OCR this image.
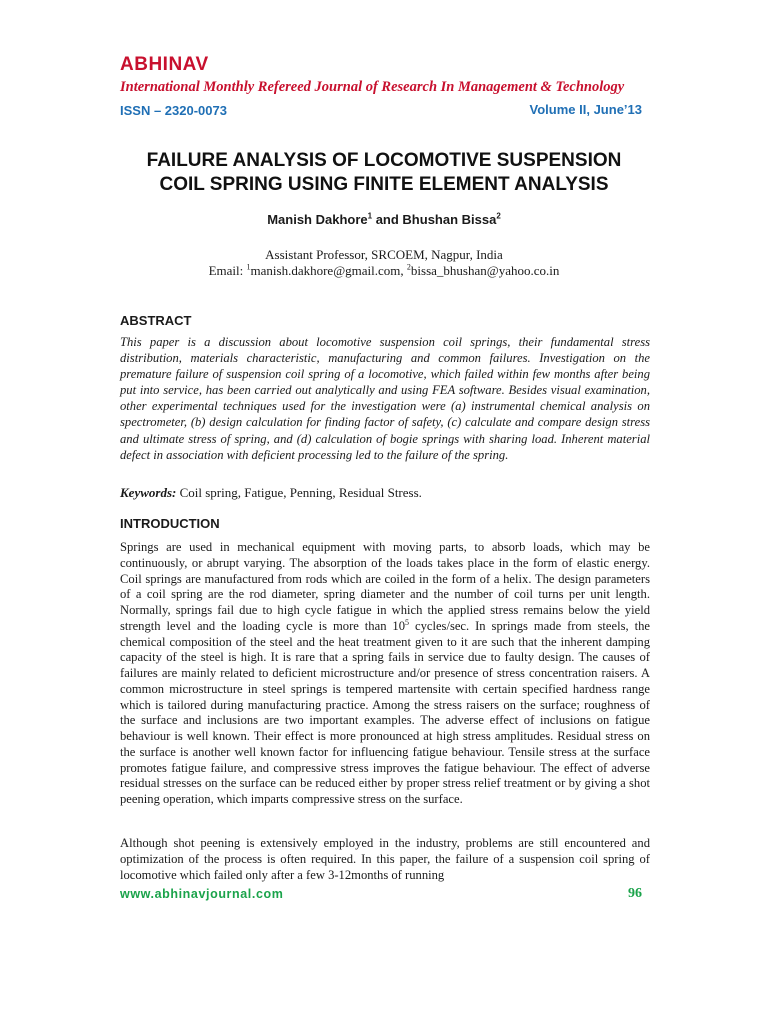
ABHINAV
International Monthly Refereed Journal of Research In Management & Technology
ISSN – 2320-0073	Volume II, June’13
FAILURE ANALYSIS OF LOCOMOTIVE SUSPENSION
COIL SPRING USING FINITE ELEMENT ANALYSIS
Manish Dakhore$^1$ and Bhushan Bissa$^2$
Assistant Professor, SRCOEM, Nagpur, India
Email: $^1$manish.dakhore@gmail.com, $^2$bissa_bhushan@yahoo.co.in
ABSTRACT
This paper is a discussion about locomotive suspension coil springs, their fundamental stress distribution, materials characteristic, manufacturing and common failures. Investigation on the premature failure of suspension coil spring of a locomotive, which failed within few months after being put into service, has been carried out analytically and using FEA software. Besides visual examination, other experimental techniques used for the investigation were (a) instrumental chemical analysis on spectrometer, (b) design calculation for finding factor of safety, (c) calculate and compare design stress and ultimate stress of spring, and (d) calculation of bogie springs with sharing load. Inherent material defect in association with deficient processing led to the failure of the spring.
Keywords: Coil spring, Fatigue, Penning, Residual Stress.
INTRODUCTION
Springs are used in mechanical equipment with moving parts, to absorb loads, which may be continuously, or abrupt varying. The absorption of the loads takes place in the form of elastic energy. Coil springs are manufactured from rods which are coiled in the form of a helix. The design parameters of a coil spring are the rod diameter, spring diameter and the number of coil turns per unit length. Normally, springs fail due to high cycle fatigue in which the applied stress remains below the yield strength level and the loading cycle is more than $10^5$ cycles/sec. In springs made from steels, the chemical composition of the steel and the heat treatment given to it are such that the inherent damping capacity of the steel is high. It is rare that a spring fails in service due to faulty design. The causes of failures are mainly related to deficient microstructure and/or presence of stress concentration raisers. A common microstructure in steel springs is tempered martensite with certain specified hardness range which is tailored during manufacturing practice. Among the stress raisers on the surface; roughness of the surface and inclusions are two important examples. The adverse effect of inclusions on fatigue behaviour is well known. Their effect is more pronounced at high stress amplitudes. Residual stress on the surface is another well known factor for influencing fatigue behaviour. Tensile stress at the surface promotes fatigue failure, and compressive stress improves the fatigue behaviour. The effect of adverse residual stresses on the surface can be reduced either by proper stress relief treatment or by giving a shot peening operation, which imparts compressive stress on the surface.
Although shot peening is extensively employed in the industry, problems are still encountered and optimization of the process is often required. In this paper, the failure of a suspension coil spring of locomotive which failed only after a few 3-12months of running
www.abhinavjournal.com	96
